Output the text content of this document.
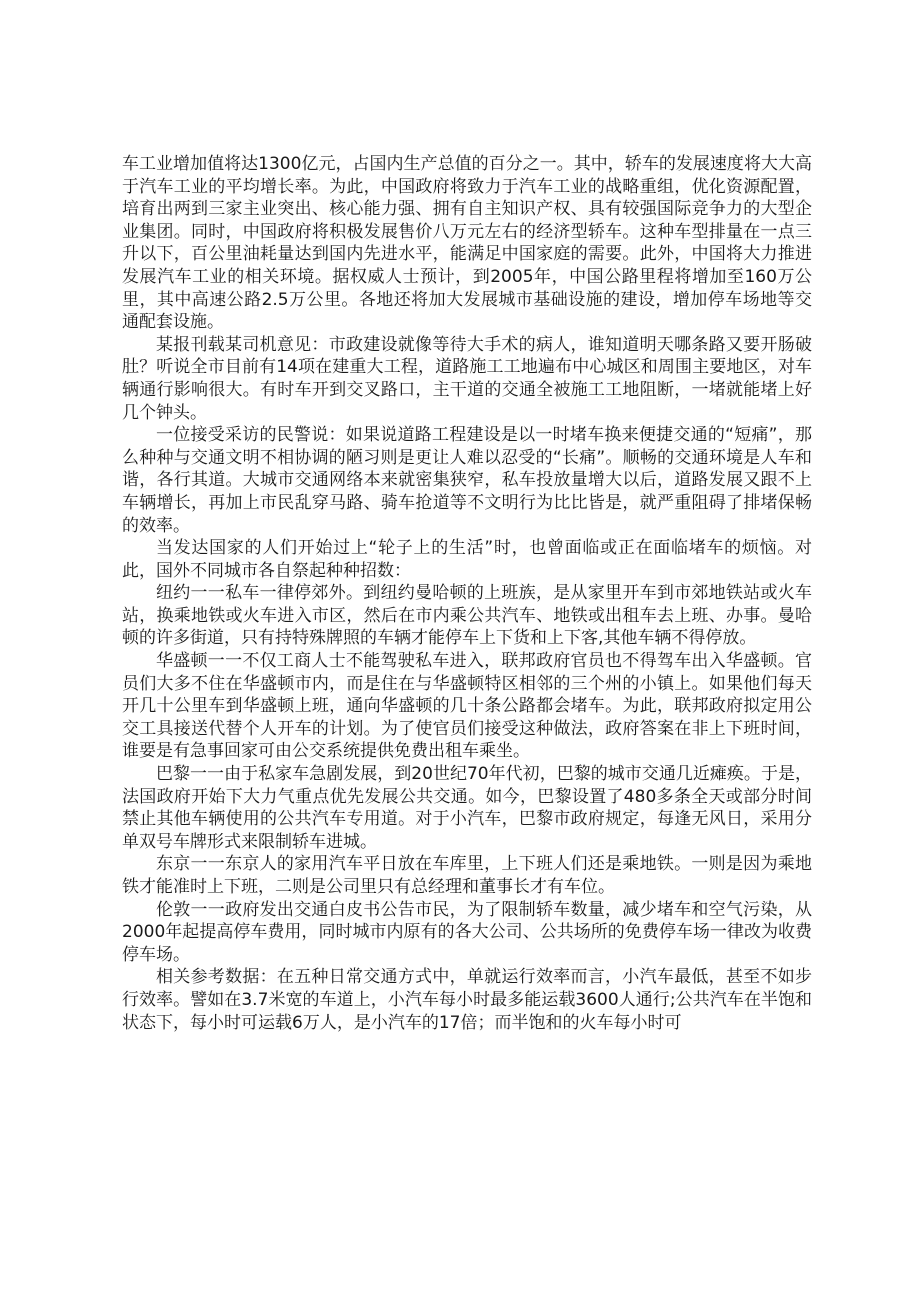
车工业增加值将达1300亿元，占国内生产总值的百分之一。其中，轿车的发展速度将大大高于汽车工业的平均增长率。为此，中国政府将致力于汽车工业的战略重组，优化资源配置，培育出两到三家主业突出、核心能力强、拥有自主知识产权、具有较强国际竞争力的大型企业集团。同时，中国政府将积极发展售价八万元左右的经济型轿车。这种车型排量在一点三升以下，百公里油耗量达到国内先进水平，能满足中国家庭的需要。此外，中国将大力推进发展汽车工业的相关环境。据权威人士预计，到2005年，中国公路里程将增加至160万公里，其中高速公路2.5万公里。各地还将加大发展城市基础设施的建设，增加停车场地等交通配套设施。

某报刊载某司机意见：市政建设就像等待大手术的病人，谁知道明天哪条路又要开肠破肚？听说全市目前有14项在建重大工程，道路施工工地遍布中心城区和周围主要地区，对车辆通行影响很大。有时车开到交叉路口，主干道的交通全被施工工地阻断，一堵就能堵上好几个钟头。

一位接受采访的民警说：如果说道路工程建设是以一时堵车换来便捷交通的“短痛”，那么种种与交通文明不相协调的陋习则是更让人难以忍受的“长痛”。顺畅的交通环境是人车和谐，各行其道。大城市交通网络本来就密集狭窄，私车投放量增大以后，道路发展又跟不上车辆增长，再加上市民乱穿马路、骑车抢道等不文明行为比比皆是，就严重阻碍了排堵保畅的效率。

当发达国家的人们开始过上“轮子上的生活”时，也曾面临或正在面临堵车的烦恼。对此，国外不同城市各自祭起种种招数：

纽约一一私车一律停郊外。到纽约曼哈顿的上班族，是从家里开车到市郊地铁站或火车站，换乘地铁或火车进入市区，然后在市内乘公共汽车、地铁或出租车去上班、办事。曼哈顿的许多街道，只有持特殊牌照的车辆才能停车上下货和上下客,其他车辆不得停放。

华盛顿一一不仅工商人士不能驾驶私车进入，联邦政府官员也不得驾车出入华盛顿。官员们大多不住在华盛顿市内，而是住在与华盛顿特区相邻的三个州的小镇上。如果他们每天开几十公里车到华盛顿上班，通向华盛顿的几十条公路都会堵车。为此，联邦政府拟定用公交工具接送代替个人开车的计划。为了使官员们接受这种做法，政府答案在非上下班时间，谁要是有急事回家可由公交系统提供免费出租车乘坐。

巴黎一一由于私家车急剧发展，到20世纪70年代初，巴黎的城市交通几近瘫痪。于是，法国政府开始下大力气重点优先发展公共交通。如今，巴黎设置了480多条全天或部分时间禁止其他车辆使用的公共汽车专用道。对于小汽车，巴黎市政府规定，每逢无风日，采用分单双号车牌形式来限制轿车进城。

东京一一东京人的家用汽车平日放在车库里，上下班人们还是乘地铁。一则是因为乘地铁才能准时上下班，二则是公司里只有总经理和董事长才有车位。

伦敦一一政府发出交通白皮书公告市民，为了限制轿车数量，减少堵车和空气污染，从2000年起提高停车费用，同时城市内原有的各大公司、公共场所的免费停车场一律改为收费停车场。

相关参考数据：在五种日常交通方式中，单就运行效率而言，小汽车最低，甚至不如步行效率。譬如在3.7米宽的车道上，小汽车每小时最多能运载3600人通行;公共汽车在半饱和状态下，每小时可运载6万人，是小汽车的17倍；而半饱和的火车每小时可
